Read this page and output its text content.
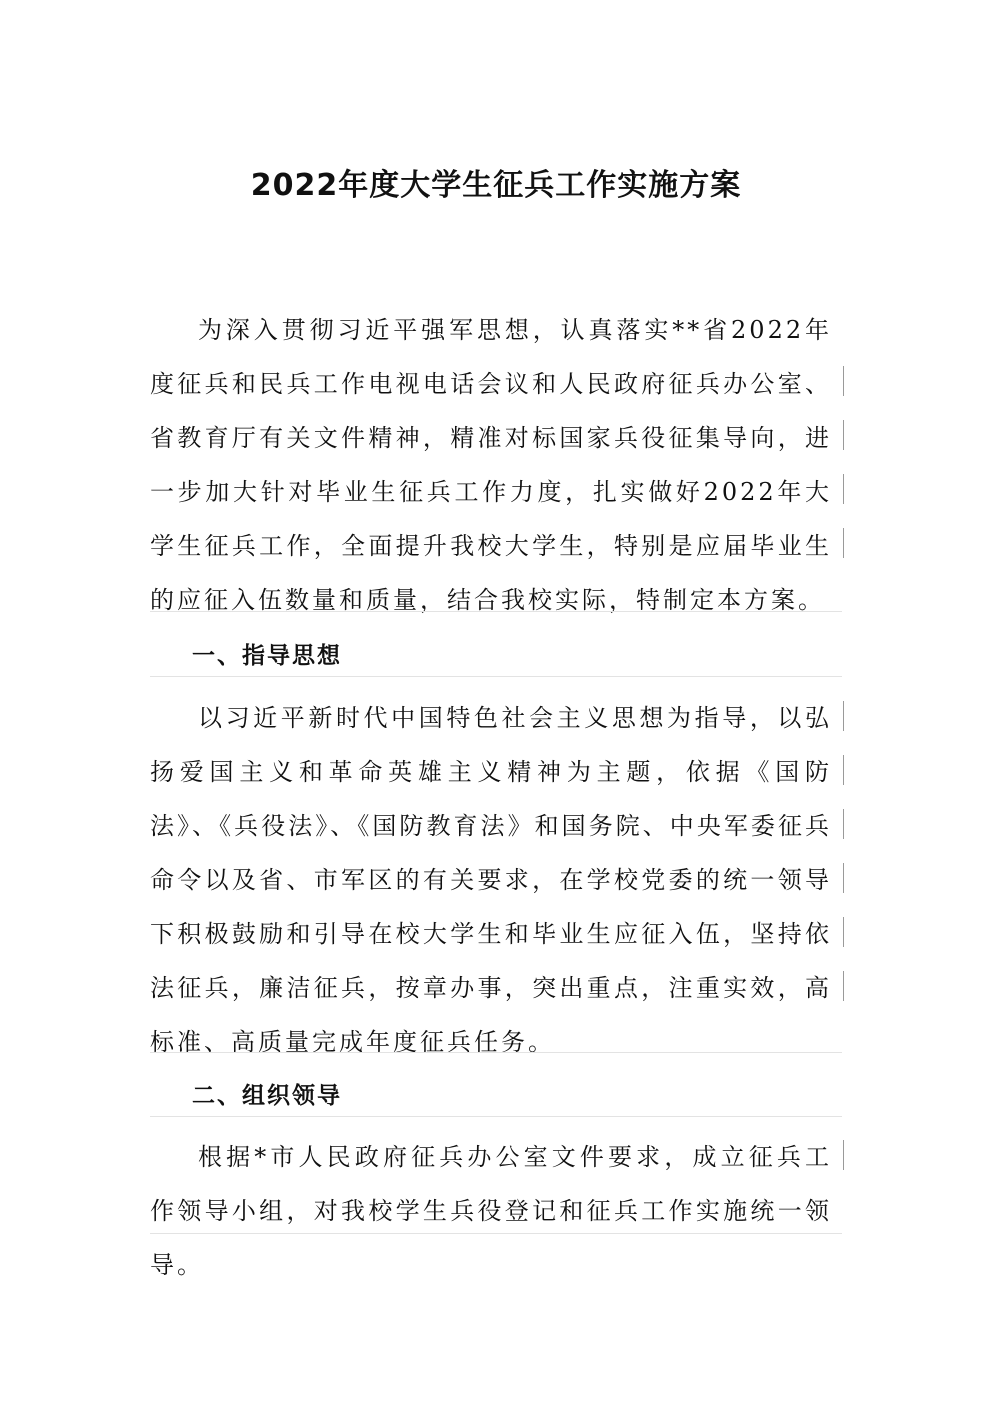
2022年度大学生征兵工作实施方案

为深入贯彻习近平强军思想，认真落实**省2022年度征兵和民兵工作电视电话会议和人民政府征兵办公室、省教育厅有关文件精神，精准对标国家兵役征集导向，进一步加大针对毕业生征兵工作力度，扎实做好2022年大学生征兵工作，全面提升我校大学生，特别是应届毕业生的应征入伍数量和质量，结合我校实际，特制定本方案。

一、指导思想

以习近平新时代中国特色社会主义思想为指导，以弘扬爱国主义和革命英雄主义精神为主题，依据《国防法》、《兵役法》、《国防教育法》和国务院、中央军委征兵命令以及省、市军区的有关要求，在学校党委的统一领导下积极鼓励和引导在校大学生和毕业生应征入伍，坚持依法征兵，廉洁征兵，按章办事，突出重点，注重实效，高标准、高质量完成年度征兵任务。

二、组织领导

根据*市人民政府征兵办公室文件要求，成立征兵工作领导小组，对我校学生兵役登记和征兵工作实施统一领导。
